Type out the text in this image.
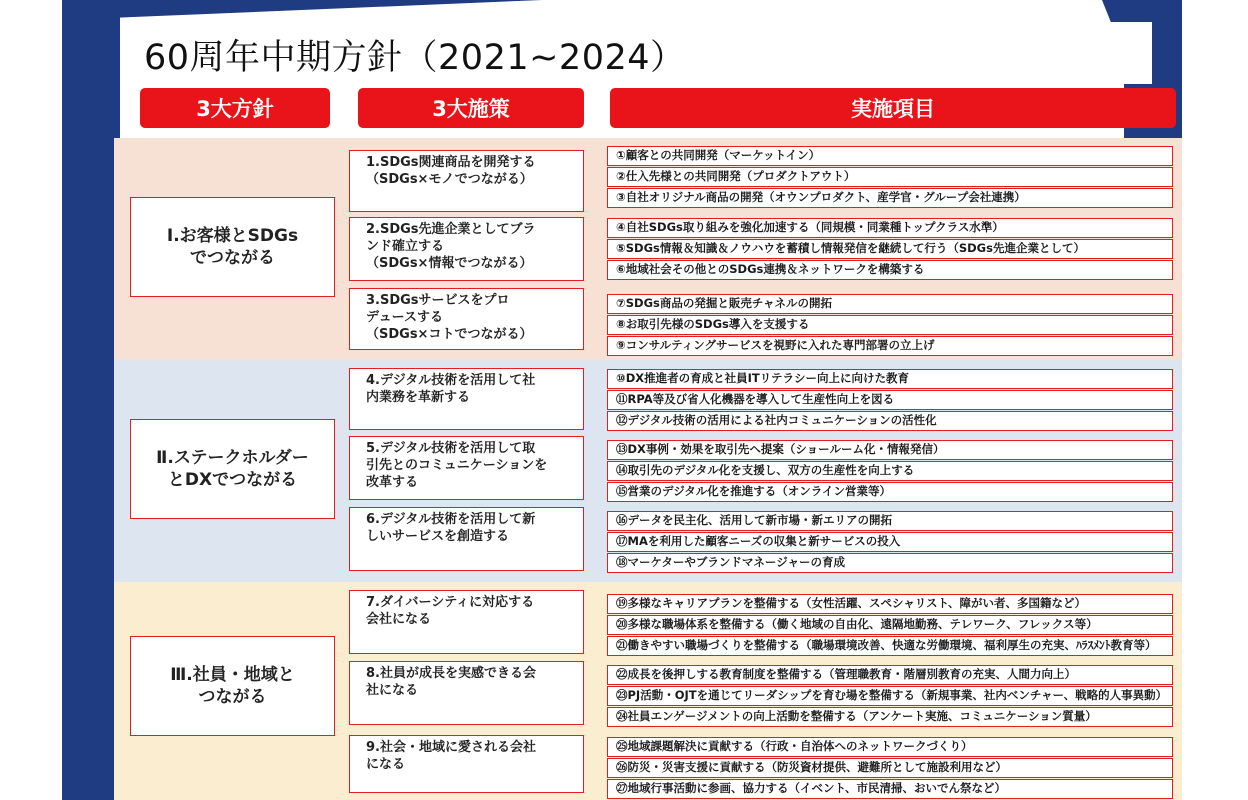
60周年中期方針（2021~2024）
3大方針	3大施策	実施項目
Ⅰ.お客様とSDGs
でつながる
Ⅱ.ステークホルダー
とDXでつながる
Ⅲ.社員・地域と
つながる
1.SDGs関連商品を開発する
（SDGs×モノでつながる）
2.SDGs先進企業としてブラ
ンド確立する
（SDGs×情報でつながる）
3.SDGsサービスをプロ
デュースする
（SDGs×コトでつながる）
4.デジタル技術を活用して社
内業務を革新する
5.デジタル技術を活用して取
引先とのコミュニケーションを
改革する
6.デジタル技術を活用して新
しいサービスを創造する
7.ダイバーシティに対応する
会社になる
8.社員が成長を実感できる会
社になる
9.社会・地域に愛される会社
になる
①顧客との共同開発（マーケットイン）
②仕入先様との共同開発（プロダクトアウト）
③自社オリジナル商品の開発（オウンプロダクト、産学官・グループ会社連携）
④自社SDGs取り組みを強化加速する（同規模・同業種トップクラス水準）
⑤SDGs情報＆知識＆ノウハウを蓄積し情報発信を継続して行う（SDGs先進企業として）
⑥地域社会その他とのSDGs連携＆ネットワークを構築する
⑦SDGs商品の発掘と販売チャネルの開拓
⑧お取引先様のSDGs導入を支援する
⑨コンサルティングサービスを視野に入れた専門部署の立上げ
⑩DX推進者の育成と社員ITリテラシー向上に向けた教育
⑪RPA等及び省人化機器を導入して生産性向上を図る
⑫デジタル技術の活用による社内コミュニケーションの活性化
⑬DX事例・効果を取引先へ提案（ショールーム化・情報発信）
⑭取引先のデジタル化を支援し、双方の生産性を向上する
⑮営業のデジタル化を推進する（オンライン営業等）
⑯データを民主化、活用して新市場・新エリアの開拓
⑰MAを利用した顧客ニーズの収集と新サービスの投入
⑱マーケターやブランドマネージャーの育成
⑲多様なキャリアプランを整備する（女性活躍、スペシャリスト、障がい者、多国籍など）
⑳多様な職場体系を整備する（働く地域の自由化、遠隔地勤務、テレワーク、フレックス等）
㉑働きやすい職場づくりを整備する（職場環境改善、快適な労働環境、福利厚生の充実、ﾊﾗｽﾒﾝﾄ教育等）
㉒成長を後押しする教育制度を整備する（管理職教育・階層別教育の充実、人間力向上）
㉓PJ活動・OJTを通じてリーダシップを育む場を整備する（新規事業、社内ベンチャー、戦略的人事異動）
㉔社員エンゲージメントの向上活動を整備する（アンケート実施、コミュニケーション質量）
㉕地域課題解決に貢献する（行政・自治体へのネットワークづくり）
㉖防災・災害支援に貢献する（防災資材提供、避難所として施設利用など）
㉗地域行事活動に参画、協力する（イベント、市民清掃、おいでん祭など）
